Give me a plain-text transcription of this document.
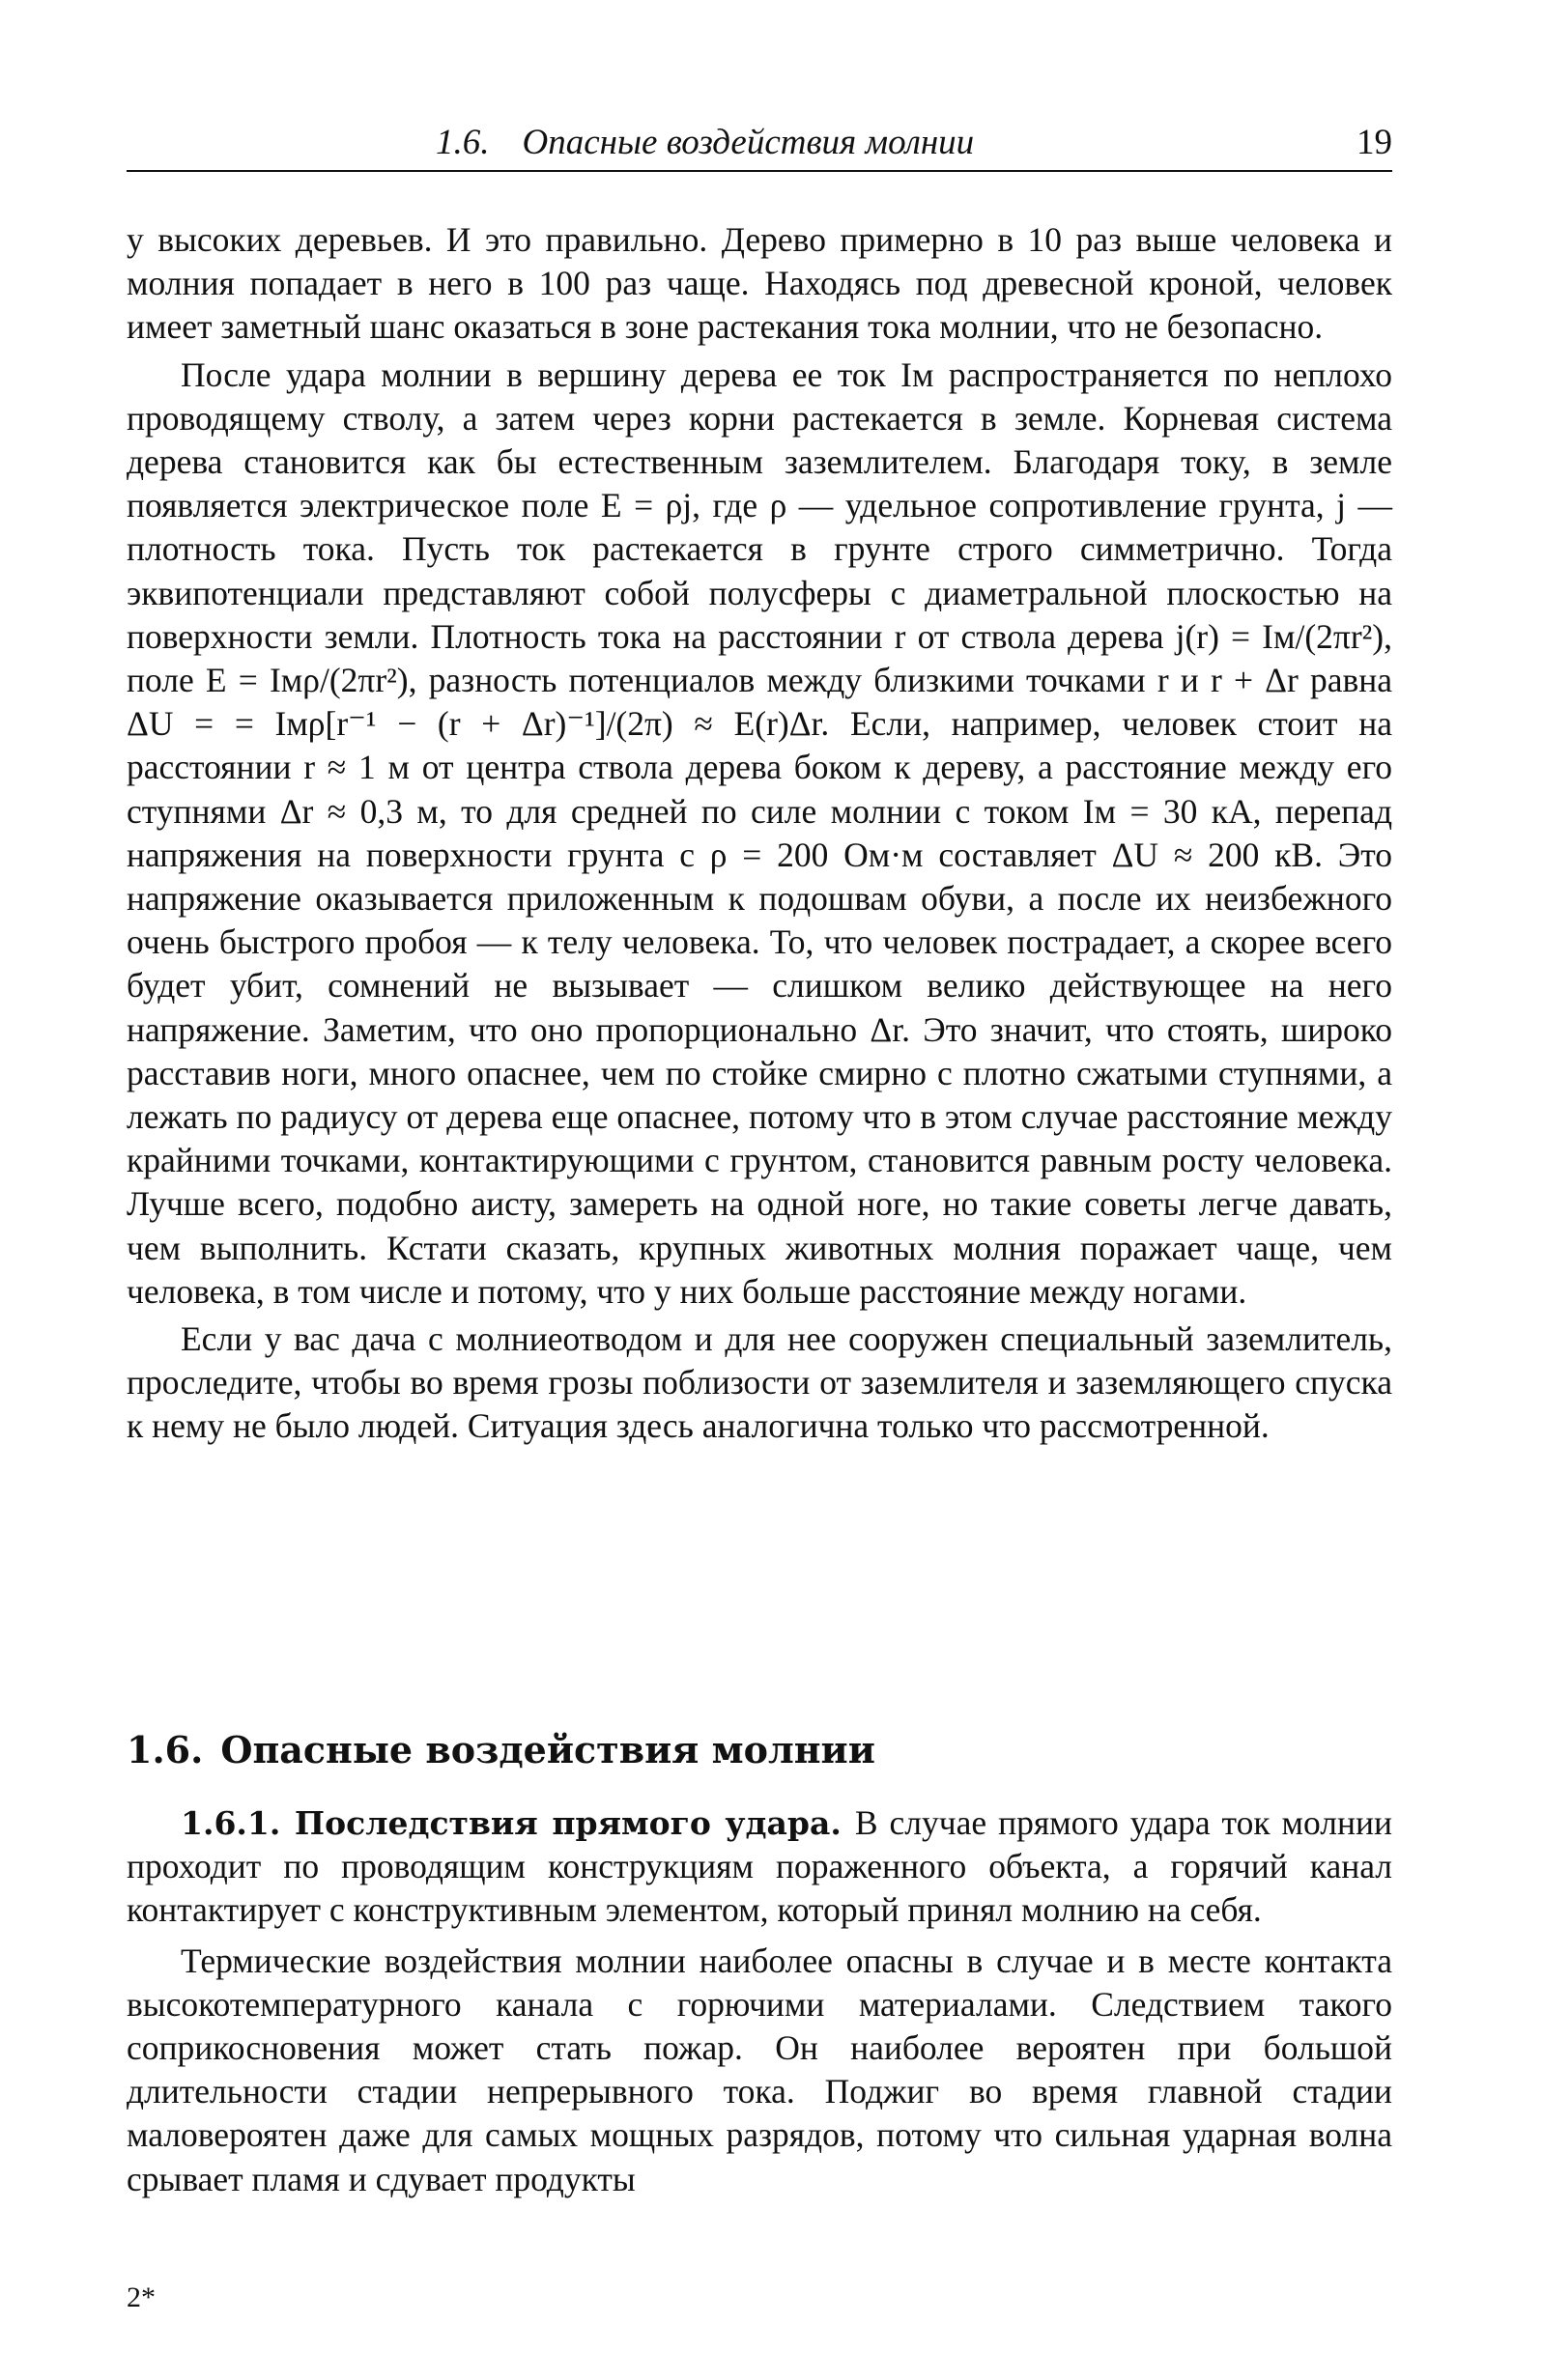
1.6. Опасные воздействия молнии	19

у высоких деревьев. И это правильно. Дерево примерно в 10 раз выше человека и молния попадает в него в 100 раз чаще. Находясь под древесной кроной, человек имеет заметный шанс оказаться в зоне растекания тока молнии, что не безопасно.

После удара молнии в вершину дерева ее ток Iм распространяется по неплохо проводящему стволу, а затем через корни растекается в земле. Корневая система дерева становится как бы естественным заземлителем. Благодаря току, в земле появляется электрическое поле E = ρj, где ρ — удельное сопротивление грунта, j — плотность тока. Пусть ток растекается в грунте строго симметрично. Тогда эквипотенциали представляют собой полусферы с диаметральной плоскостью на поверхности земли. Плотность тока на расстоянии r от ствола дерева j(r) = Iм/(2πr²), поле E = Iмρ/(2πr²), разность потенциалов между близкими точками r и r + Δr равна ΔU = = Iмρ[r⁻¹ − (r + Δr)⁻¹]/(2π) ≈ E(r)Δr. Если, например, человек стоит на расстоянии r ≈ 1 м от центра ствола дерева боком к дереву, а расстояние между его ступнями Δr ≈ 0,3 м, то для средней по силе молнии с током Iм = 30 кА, перепад напряжения на поверхности грунта с ρ = 200 Ом·м составляет ΔU ≈ 200 кВ. Это напряжение оказывается приложенным к подошвам обуви, а после их неизбежного очень быстрого пробоя — к телу человека. То, что человек пострадает, а скорее всего будет убит, сомнений не вызывает — слишком велико действующее на него напряжение. Заметим, что оно пропорционально Δr. Это значит, что стоять, широко расставив ноги, много опаснее, чем по стойке смирно с плотно сжатыми ступнями, а лежать по радиусу от дерева еще опаснее, потому что в этом случае расстояние между крайними точками, контактирующими с грунтом, становится равным росту человека. Лучше всего, подобно аисту, замереть на одной ноге, но такие советы легче давать, чем выполнить. Кстати сказать, крупных животных молния поражает чаще, чем человека, в том числе и потому, что у них больше расстояние между ногами.

Если у вас дача с молниеотводом и для нее сооружен специальный заземлитель, проследите, чтобы во время грозы поблизости от заземлителя и заземляющего спуска к нему не было людей. Ситуация здесь аналогична только что рассмотренной.

1.6. Опасные воздействия молнии

1.6.1. Последствия прямого удара. В случае прямого удара ток молнии проходит по проводящим конструкциям пораженного объекта, а горячий канал контактирует с конструктивным элементом, который принял молнию на себя.

Термические воздействия молнии наиболее опасны в случае и в месте контакта высокотемпературного канала с горючими материалами. Следствием такого соприкосновения может стать пожар. Он наиболее вероятен при большой длительности стадии непрерывного тока. Поджиг во время главной стадии маловероятен даже для самых мощных разрядов, потому что сильная ударная волна срывает пламя и сдувает продукты

2*
